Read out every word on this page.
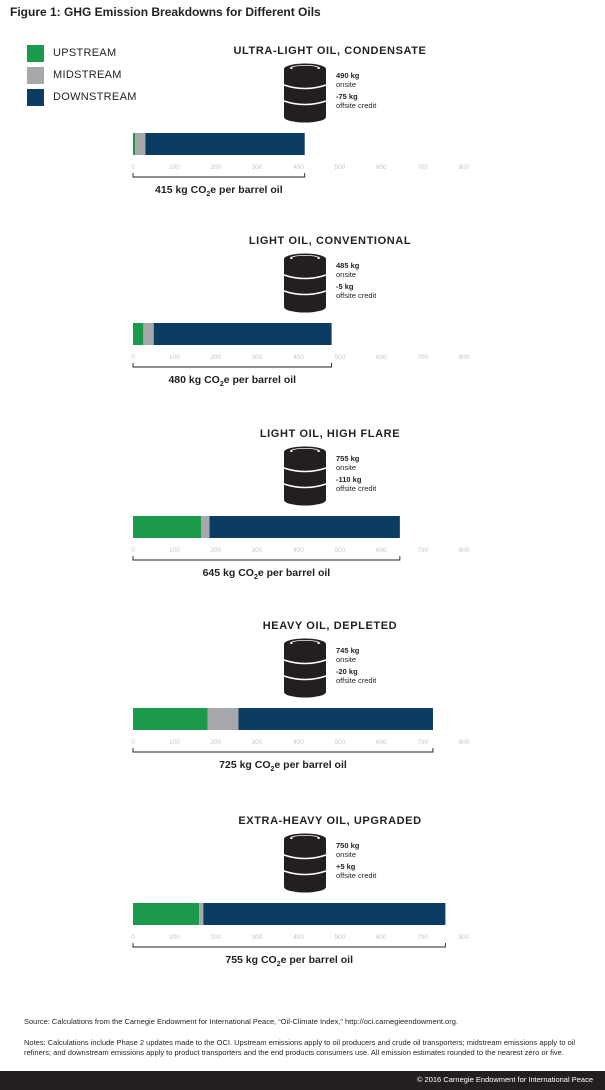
Figure 1: GHG Emission Breakdowns for Different Oils
UPSTREAM
MIDSTREAM
DOWNSTREAM
ULTRA-LIGHT OIL, CONDENSATE
490 kg
onsite
-75 kg
offsite credit
0	100	200	300	400	500	600	700	800
415 kg $CO_2e$ per barrel oil
LIGHT OIL, CONVENTIONAL
485 kg
onsite
-5 kg
offsite credit
0	100	200	300	400	500	600	700	800
480 kg $CO_2e$ per barrel oil
LIGHT OIL, HIGH FLARE
755 kg
onsite
-110 kg
offsite credit
0	100	200	300	400	500	600	700	800
645 kg $CO_2e$ per barrel oil
HEAVY OIL, DEPLETED
745 kg
onsite
-20 kg
offsite credit
0	100	200	300	400	500	600	700	800
725 kg $CO_2e$ per barrel oil
EXTRA-HEAVY OIL, UPGRADED
750 kg
onsite
+5 kg
offsite credit
0	100	200	300	400	500	600	700	800
755 kg $CO_2e$ per barrel oil
Source: Calculations from the Carnegie Endowment for International Peace, “Oil-Climate Index,” http://oci.carnegieendowment.org.
Notes: Calculations include Phase 2 updates made to the OCI. Upstream emissions apply to oil producers and crude oil transporters; midstream emissions apply to oil refiners; and downstream emissions apply to product transporters and the end products consumers use. All emission estimates rounded to the nearest zero or five.
© 2016 Carnegie Endowment for International Peace
